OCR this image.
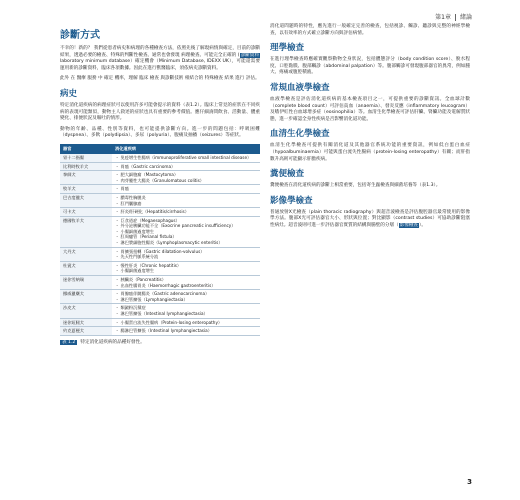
第1章 緒論
診斷方式

不幸的！新的？ 我們從患者病史和病理的各種檢查方法，依照先後了解現病情與確定，目前的診斷結果，透過必要的檢查、特殊的判斷性檢查、通常也會發現 病理檢查、可能完全正確的 (診斷資料laboratory minimum database）確定機會（Minimum Database, IDEXX UK），可能還需要運用新的診斷資料，臨床各項數據。因此在進行獸醫臨床，須依病史診斷資料。

此外 在 醫療 服務 中 確定 機率，理解 臨床 檢查 與診斷技術 相結合的 特殊檢查 結果 進行 評估。

病史

特定消化道疾病的病理症狀可以使用許多可能會提示的資料（表1.2）。臨床上常見的症狀在不同疾病的表現可能類似，動物主人敘述的症狀也具有重要的參考價值。應仔細詢問飲食、活動量、體重變化、排便狀況及嘔吐的情形。

動物的年齡、品種、性別等資料，也可能提供診斷方向。進一步的問題包括：呼吸困難（dyspnea）、多飲（polydipsia）、多尿（polyuria）、腹痛及抽搐（seizures）等症狀。

器官	消化道疾病
胃十二指腸	・ 免疫增生性腸病（immunoproliferative small intestinal disease）

比利時牧羊犬	・ 胃癌（Gastric carcinoma）

拳師犬	・ 肥大細胞瘤（Mastocytoma）
・ 肉芽腫性大腸炎（Granulomatous colitis）

牧羊犬	・ 胃癌

巴吉度獵犬	・ 膿毒性胸膜炎
・ 肛門囊腺癌

可卡犬	・ 肝炎/肝硬化（Hepatitis/cirrhosis）

德國牧羊犬	・ 巨食道症（Megaesophagus）
・ 外分泌胰臟功能不全（Exocrine pancreatic insufficiency）
・ 小腸細菌過度增生
・ 肛周瘻管（Perianal fistula）
・ 淋巴漿細胞性腸炎（Lymphoplasmacytic enteritis）

大丹犬	・ 胃擴張扭轉（Gastric dilatation-volvulus）
・ 先天性門脈系統分流

杜賓犬	・ 慢性肝炎（Chronic hepatitis）
・ 小腸細菌過度增生

迷你雪納瑞	・ 胰臟炎（Pancreatitis）
・ 出血性腸胃炎（Haemorrhagic gastroenteritis）

挪威獵麋犬	・ 胃腺癌伴隨腸炎（Gastric adenocarcinoma）
・ 淋巴管擴張（Lymphangiectasia）

沙皮犬	・ 類澱粉沉積症
・ 淋巴管擴張（Intestinal lymphangiectasia）

迷你短腿犬	・ 小腸蛋白流失性腸病（Protein-losing enteropathy）

約克夏梗犬	・ 腸淋巴管擴張（Intestinal lymphangiectasia）
表 1.2 特定消化道疾病的品種好發性。

消化道問題時的特性，應先進行一般確定完善的檢查，包括視診、觸診、聽診與完整的神經學檢查，以有效率的方式確立診斷方向與評估病情。

理學檢查

在進行理學檢查時應確實觀察動物全身狀況，包括體態評分（body condition score）、脫水程度、口腔黏膜、腹部觸診（abdominal palpation）等。腹部觸診可發現腹部器官的異常，例如腫大、疼痛或腹腔積液。

常規血液學檢查

血液學檢查是評估消化道疾病的基本檢查項目之一，可提供重要的診斷資訊。全血球計數（complete blood count）可評估貧血（anaemia）、發炎反應（inflammatory leucogram）及嗜伊紅性白血球增多症（eosinophilia）等。血清生化學檢查可評估肝臟、腎臟功能及電解質狀態，進一步確認全身性疾病是否影響消化道功能。

血清生化學檢查

血清生化學檢查可提供有關消化道及其他器官系統功能的重要資訊，例如低白蛋白血症（hypoalbuminaemia）可能與蛋白流失性腸病（protein-losing enteropathy）有關；而肝指數升高則可能顯示肝膽疾病。

糞便檢查

糞便檢查在消化道疾病的診斷上相當重要，包括寄生蟲檢查與細菌培養等（表1.3）。

影像學檢查

普通放射X光檢查（plain thoracic radiography）與超音波檢查是評估腹腔器官最常使用的影像學方法。腹部X光可評估器官大小、形狀與位置；對比顯影（contrast studies）可協助診斷阻塞性病灶。超音波則可進一步評估器官實質的結構與腸壁的分層（影像檢查）。

3
